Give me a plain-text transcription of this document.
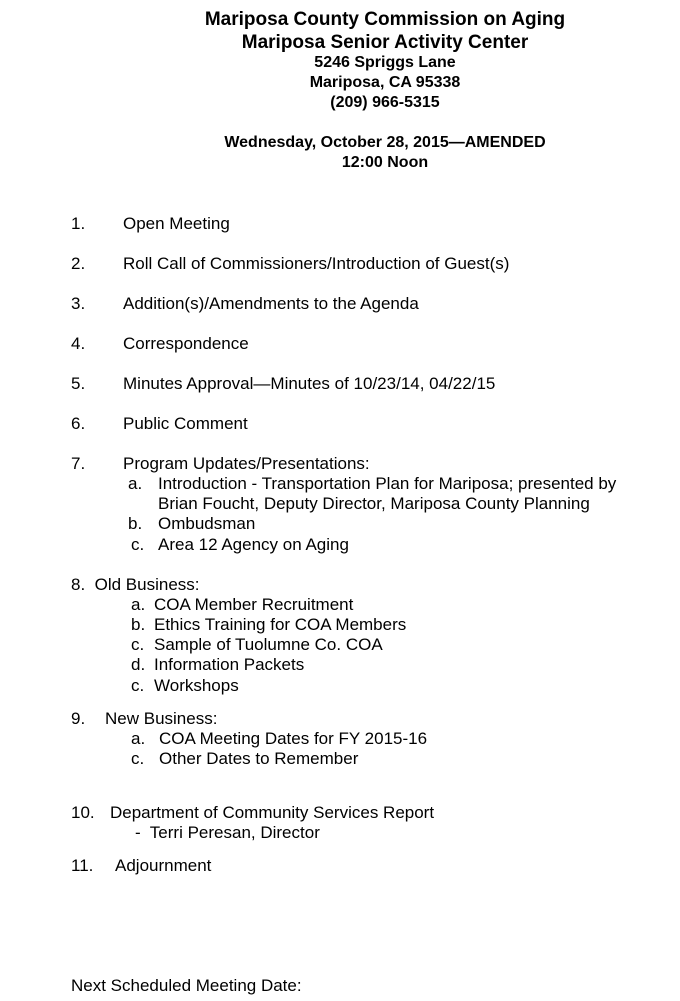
Mariposa County Commission on Aging
Mariposa Senior Activity Center
5246 Spriggs Lane
Mariposa, CA 95338
(209) 966-5315
Wednesday, October 28, 2015—AMENDED
12:00 Noon
1. Open Meeting
2. Roll Call of Commissioners/Introduction of Guest(s)
3. Addition(s)/Amendments to the Agenda
4. Correspondence
5. Minutes Approval—Minutes of 10/23/14, 04/22/15
6. Public Comment
7. Program Updates/Presentations:
a. Introduction - Transportation Plan for Mariposa; presented by
Brian Foucht, Deputy Director, Mariposa County Planning
b. Ombudsman
c. Area 12 Agency on Aging
8.  Old Business:
a. COA Member Recruitment
b. Ethics Training for COA Members
c. Sample of Tuolumne Co. COA
d. Information Packets
c. Workshops
9. New Business:
a. COA Meeting Dates for FY 2015-16
c. Other Dates to Remember
10. Department of Community Services Report
-  Terri Peresan, Director
11. Adjournment
Next Scheduled Meeting Date:
